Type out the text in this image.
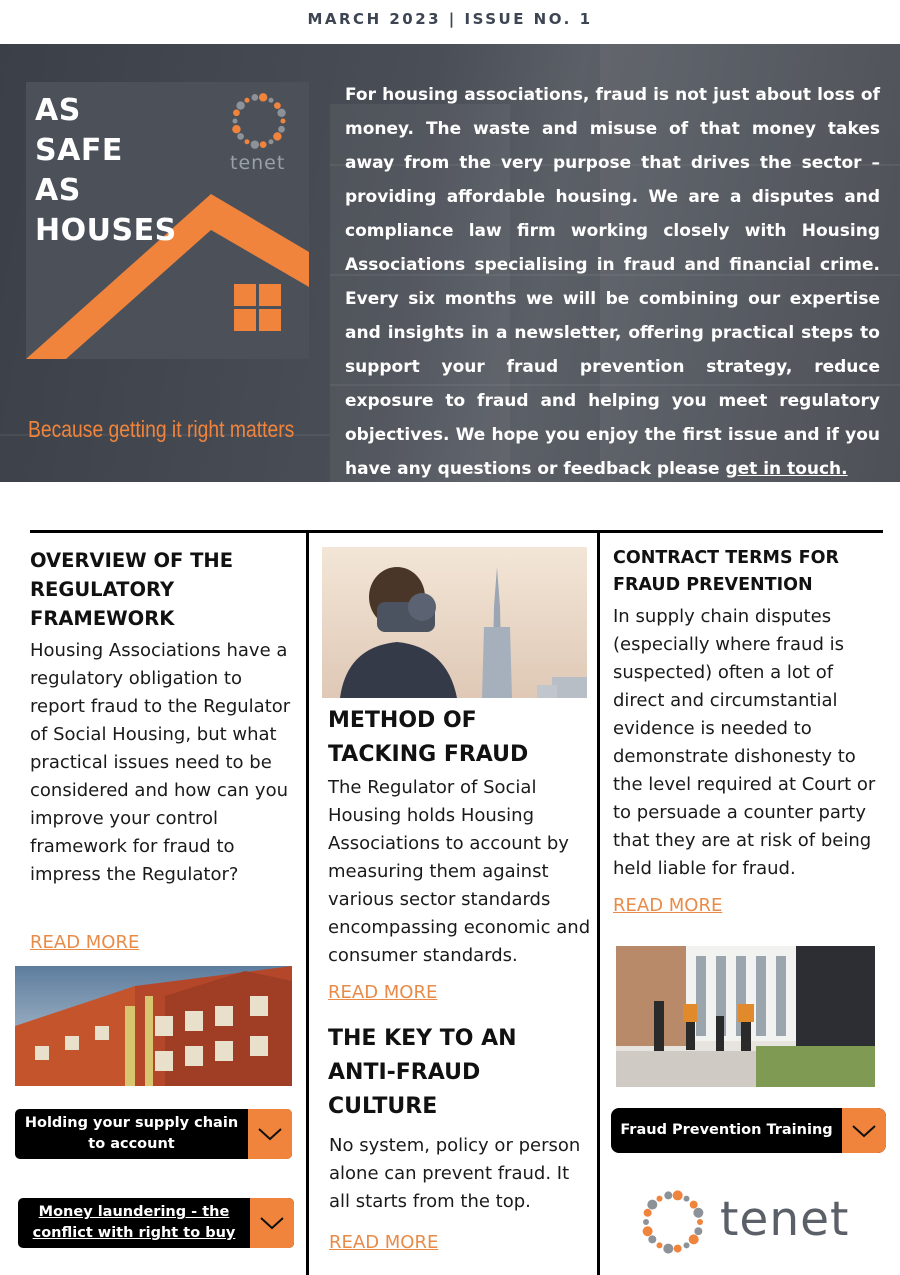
MARCH 2023 | ISSUE NO. 1
AS
SAFE
AS
HOUSES
tenet
Because getting it right matters

For housing associations, fraud is not just about loss of money. The waste and misuse of that money takes away from the very purpose that drives the sector – providing affordable housing. We are a disputes and compliance law firm working closely with Housing Associations specialising in fraud and financial crime. Every six months we will be combining our expertise and insights in a newsletter, offering practical steps to support your fraud prevention strategy, reduce exposure to fraud and helping you meet regulatory objectives. We hope you enjoy the first issue and if you have any questions or feedback please get in touch.

OVERVIEW OF THE REGULATORY FRAMEWORK

Housing Associations have a regulatory obligation to report fraud to the Regulator of Social Housing, but what practical issues need to be considered and how can you improve your control framework for fraud to impress the Regulator?

READ MORE
Holding your supply chain to account
Money laundering - the conflict with right to buy
METHOD OF TACKING FRAUD

The Regulator of Social Housing holds Housing Associations to account by measuring them against various sector standards encompassing economic and consumer standards.

READ MORE
THE KEY TO AN ANTI-FRAUD CULTURE

No system, policy or person alone can prevent fraud. It all starts from the top.

READ MORE
CONTRACT TERMS FOR FRAUD PREVENTION

In supply chain disputes (especially where fraud is suspected) often a lot of direct and circumstantial evidence is needed to demonstrate dishonesty to the level required at Court or to persuade a counter party that they are at risk of being held liable for fraud.

READ MORE
Fraud Prevention Training
tenet
